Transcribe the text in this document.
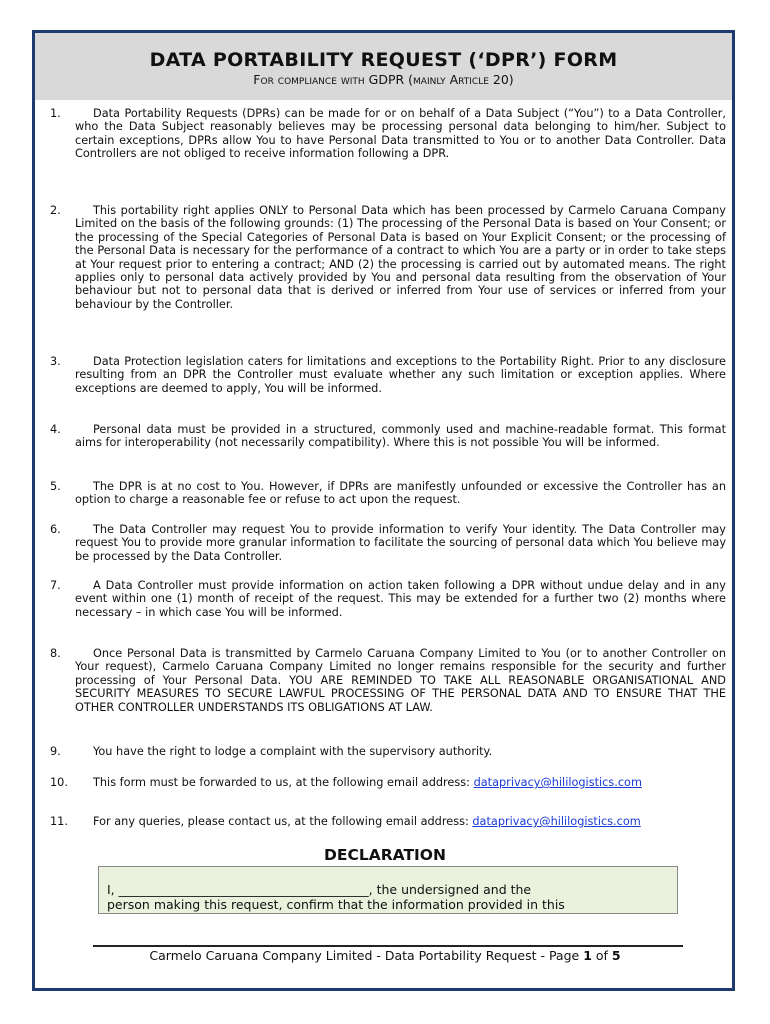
DATA PORTABILITY REQUEST (‘DPR’) FORM
For compliance with GDPR (mainly Article 20)
1.	Data Portability Requests (DPRs) can be made for or on behalf of a Data Subject (“You”) to a Data Controller, who the Data Subject reasonably believes may be processing personal data belonging to him/her. Subject to certain exceptions, DPRs allow You to have Personal Data transmitted to You or to another Data Controller. Data Controllers are not obliged to receive information following a DPR.
2.	This portability right applies ONLY to Personal Data which has been processed by Carmelo Caruana Company Limited on the basis of the following grounds: (1) The processing of the Personal Data is based on Your Consent; or the processing of the Special Categories of Personal Data is based on Your Explicit Consent; or the processing of the Personal Data is necessary for the performance of a contract to which You are a party or in order to take steps at Your request prior to entering a contract; AND (2) the processing is carried out by automated means. The right applies only to personal data actively provided by You and personal data resulting from the observation of Your behaviour but not to personal data that is derived or inferred from Your use of services or inferred from your behaviour by the Controller.
3.	Data Protection legislation caters for limitations and exceptions to the Portability Right. Prior to any disclosure resulting from an DPR the Controller must evaluate whether any such limitation or exception applies. Where exceptions are deemed to apply, You will be informed.
4.	Personal data must be provided in a structured, commonly used and machine-readable format. This format aims for interoperability (not necessarily compatibility). Where this is not possible You will be informed.
5.	The DPR is at no cost to You. However, if DPRs are manifestly unfounded or excessive the Controller has an option to charge a reasonable fee or refuse to act upon the request.
6.	The Data Controller may request You to provide information to verify Your identity. The Data Controller may request You to provide more granular information to facilitate the sourcing of personal data which You believe may be processed by the Data Controller.
7.	A Data Controller must provide information on action taken following a DPR without undue delay and in any event within one (1) month of receipt of the request. This may be extended for a further two (2) months where necessary – in which case You will be informed.
8.	Once Personal Data is transmitted by Carmelo Caruana Company Limited to You (or to another Controller on Your request), Carmelo Caruana Company Limited no longer remains responsible for the security and further processing of Your Personal Data. YOU ARE REMINDED TO TAKE ALL REASONABLE ORGANISATIONAL AND SECURITY MEASURES TO SECURE LAWFUL PROCESSING OF THE PERSONAL DATA AND TO ENSURE THAT THE OTHER CONTROLLER UNDERSTANDS ITS OBLIGATIONS AT LAW.
9.	You have the right to lodge a complaint with the supervisory authority.
10.	This form must be forwarded to us, at the following email address: dataprivacy@hililogistics.com
11.	For any queries, please contact us, at the following email address: dataprivacy@hililogistics.com
DECLARATION
I, ________________________________________, the undersigned and the
person making this request, confirm that the information provided in this
Carmelo Caruana Company Limited - Data Portability Request - Page 1 of 5
